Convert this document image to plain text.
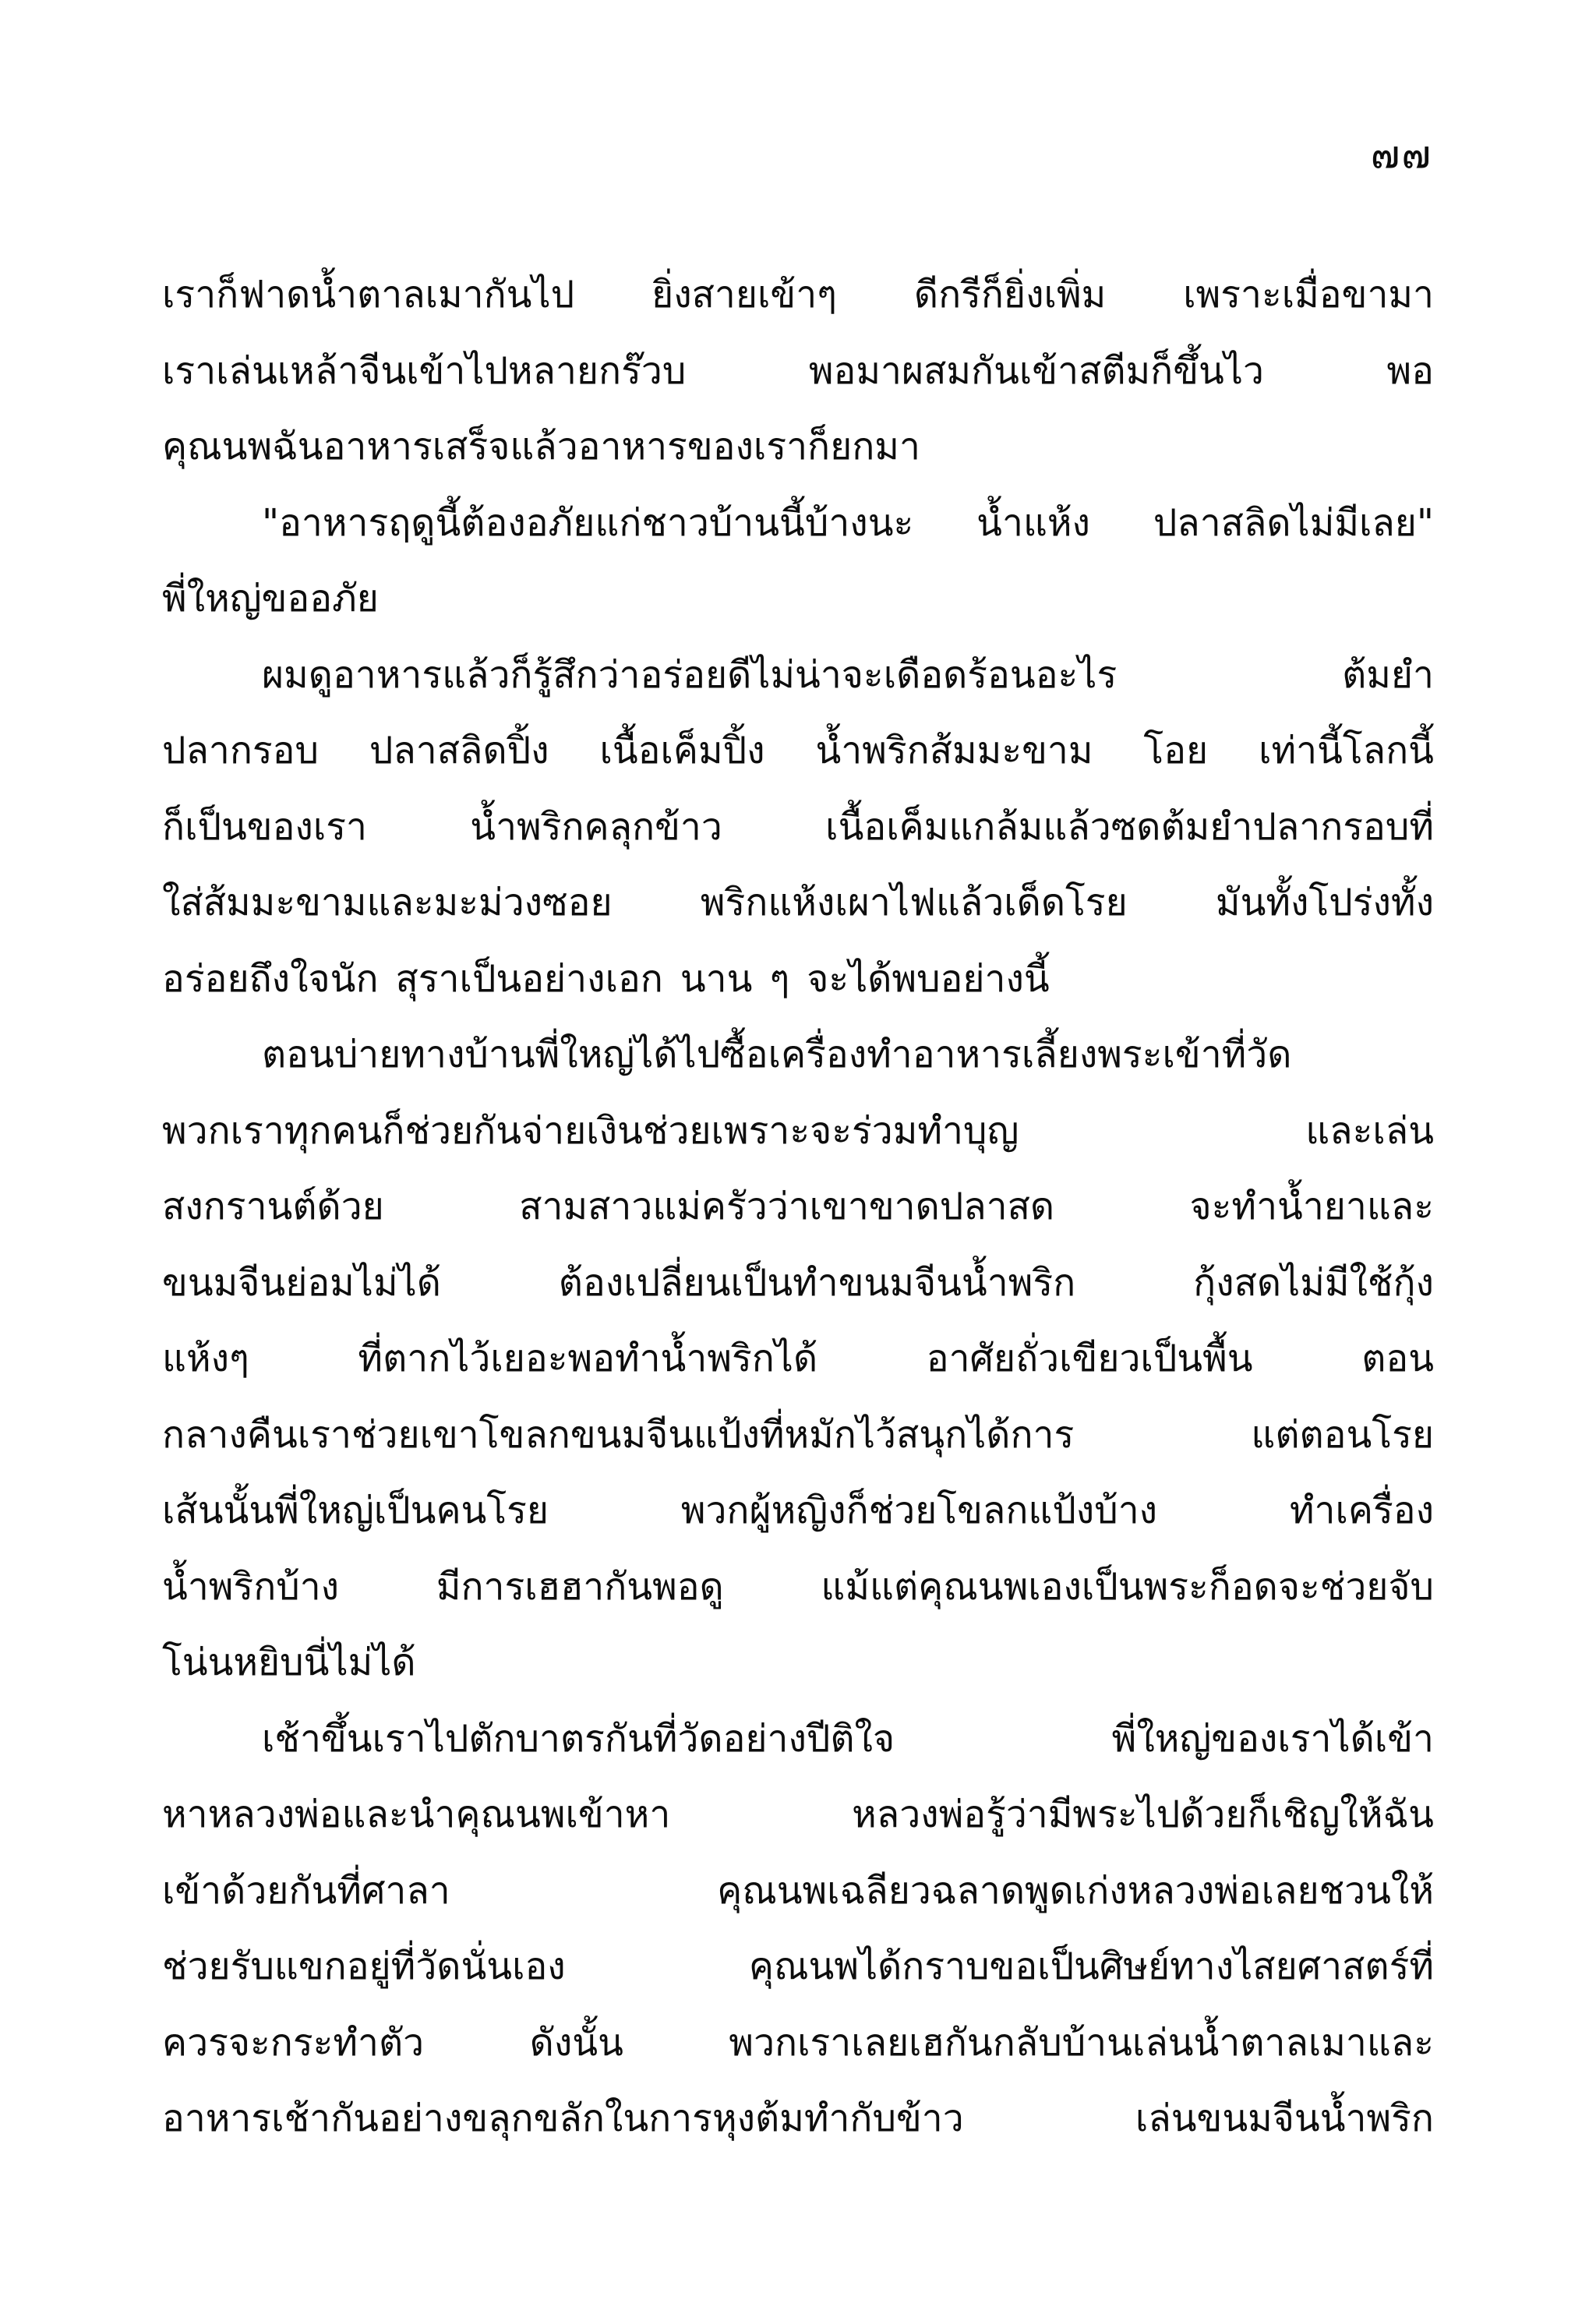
๗๗
เราก็ฟาดน้ำตาลเมากันไป ยิ่งสายเข้าๆ ดีกรีก็ยิ่งเพิ่ม เพราะเมื่อขามา
เราเล่นเหล้าจีนเข้าไปหลายกร๊วบ	พอมาผสมกันเข้าสตีมก็ขึ้นไว	พอ
คุณนพฉันอาหารเสร็จแล้วอาหารของเราก็ยกมา
"อาหารฤดูนี้ต้องอภัยแก่ชาวบ้านนี้บ้างนะ น้ำแห้ง ปลาสลิดไม่มีเลย"
พี่ใหญ่ขออภัย
ผมดูอาหารแล้วก็รู้สึกว่าอร่อยดีไม่น่าจะเดือดร้อนอะไร	ต้มยำ
ปลากรอบ ปลาสลิดปิ้ง เนื้อเค็มปิ้ง น้ำพริกส้มมะขาม โอย เท่านี้โลกนี้
ก็เป็นของเรา	น้ำพริกคลุกข้าว	เนื้อเค็มแกล้มแล้วซดต้มยำปลากรอบที่
ใส่ส้มมะขามและมะม่วงซอย พริกแห้งเผาไฟแล้วเด็ดโรย มันทั้งโปร่งทั้ง
อร่อยถึงใจนัก สุราเป็นอย่างเอก นาน ๆ จะได้พบอย่างนี้
ตอนบ่ายทางบ้านพี่ใหญ่ได้ไปซื้อเครื่องทำอาหารเลี้ยงพระเข้าที่วัด
พวกเราทุกคนก็ช่วยกันจ่ายเงินช่วยเพราะจะร่วมทำบุญ	และเล่น
สงกรานต์ด้วย	สามสาวแม่ครัวว่าเขาขาดปลาสด	จะทำน้ำยาและ
ขนมจีนย่อมไม่ได้	ต้องเปลี่ยนเป็นทำขนมจีนน้ำพริก	กุ้งสดไม่มีใช้กุ้ง
แห้งๆ	ที่ตากไว้เยอะพอทำน้ำพริกได้	อาศัยถั่วเขียวเป็นพื้น	ตอน
กลางคืนเราช่วยเขาโขลกขนมจีนแป้งที่หมักไว้สนุกได้การ	แต่ตอนโรย
เส้นนั้นพี่ใหญ่เป็นคนโรย	พวกผู้หญิงก็ช่วยโขลกแป้งบ้าง	ทำเครื่อง
น้ำพริกบ้าง	มีการเฮฮากันพอดู	แม้แต่คุณนพเองเป็นพระก็อดจะช่วยจับ
โน่นหยิบนี่ไม่ได้
เช้าขึ้นเราไปตักบาตรกันที่วัดอย่างปีติใจ	พี่ใหญ่ของเราได้เข้า
หาหลวงพ่อและนำคุณนพเข้าหา	หลวงพ่อรู้ว่ามีพระไปด้วยก็เชิญให้ฉัน
เข้าด้วยกันที่ศาลา	คุณนพเฉลียวฉลาดพูดเก่งหลวงพ่อเลยชวนให้
ช่วยรับแขกอยู่ที่วัดนั่นเอง	คุณนพได้กราบขอเป็นศิษย์ทางไสยศาสตร์ที่
ควรจะกระทำตัว	ดังนั้น	พวกเราเลยเฮกันกลับบ้านเล่นน้ำตาลเมาและ
อาหารเช้ากันอย่างขลุกขลักในการหุงต้มทำกับข้าว	เล่นขนมจีนน้ำพริก
